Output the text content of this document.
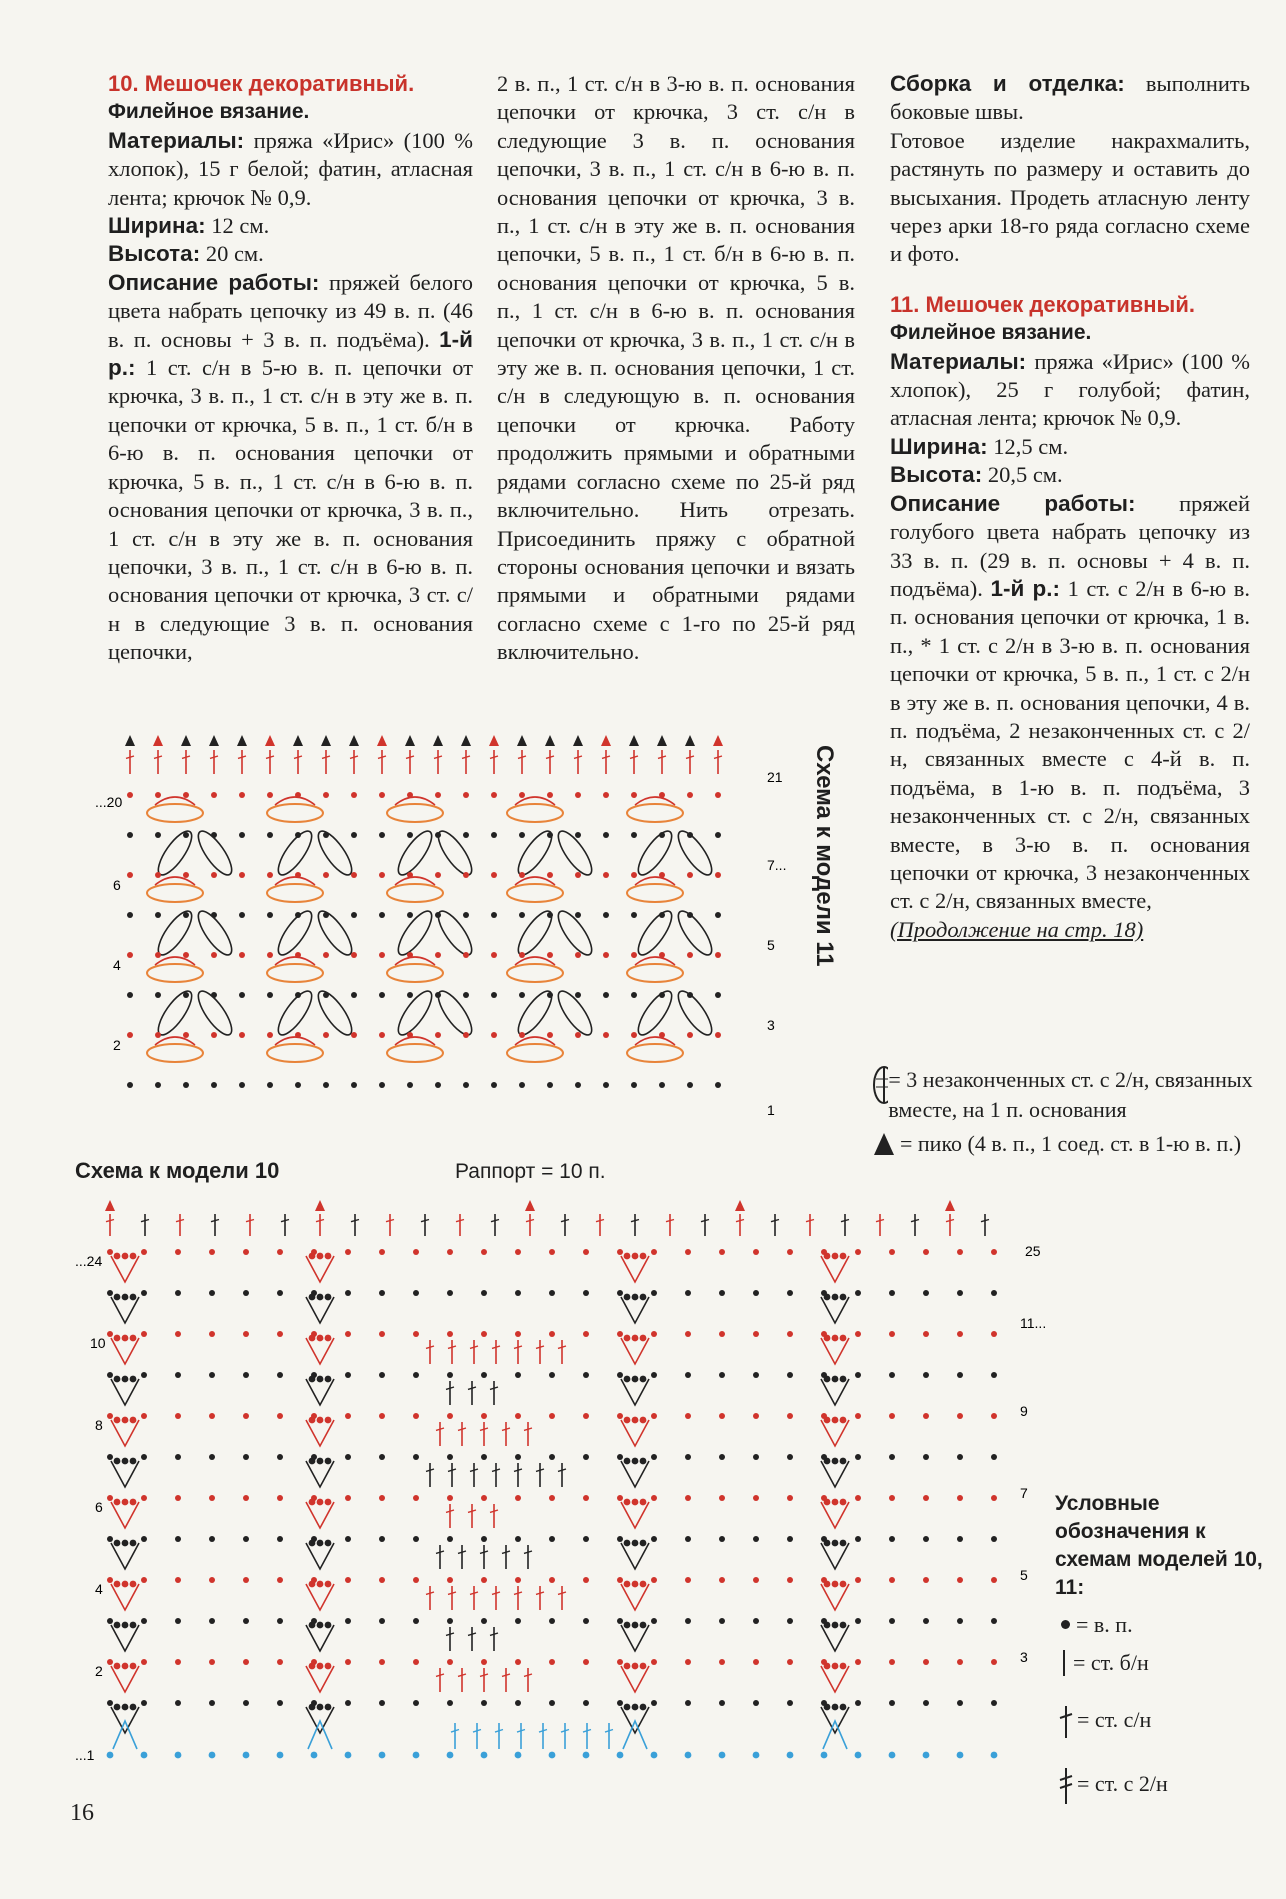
10. Мешочек декоративный.

Филейное вязание.

Материалы: пряжа «Ирис» (100 % хлопок), 15 г белой; фатин, атласная лента; крючок № 0,9.

Ширина: 12 см.

Высота: 20 см.

Описание работы: пряжей белого цвета набрать цепочку из 49 в. п. (46 в. п. основы + 3 в. п. подъёма). 1-й р.: 1 ст. с/н в 5-ю в. п. цепочки от крючка, 3 в. п., 1 ст. с/н в эту же в. п. цепочки от крючка, 5 в. п., 1 ст. б/н в 6-ю в. п. основания цепочки от крючка, 5 в. п., 1 ст. с/н в 6-ю в. п. основания цепочки от крючка, 3 в. п., 1 ст. с/н в эту же в. п. основания цепочки, 3 в. п., 1 ст. с/н в 6-ю в. п. основания цепочки от крючка, 3 ст. с/н в следующие 3 в. п. основания цепочки,

2 в. п., 1 ст. с/н в 3-ю в. п. основания цепочки от крючка, 3 ст. с/н в следующие 3 в. п. основания цепочки, 3 в. п., 1 ст. с/н в 6-ю в. п. основания цепочки от крючка, 3 в. п., 1 ст. с/н в эту же в. п. основания цепочки, 5 в. п., 1 ст. б/н в 6-ю в. п. основания цепочки от крючка, 5 в. п., 1 ст. с/н в 6-ю в. п. основания цепочки от крючка, 3 в. п., 1 ст. с/н в эту же в. п. основания цепочки, 1 ст. с/н в следующую в. п. основания цепочки от крючка. Работу продолжить прямыми и обратными рядами согласно схеме по 25-й ряд включительно. Нить отрезать. Присоединить пряжу с обратной стороны основания цепочки и вязать прямыми и обратными рядами согласно схеме с 1-го по 25-й ряд включительно.

Сборка и отделка: выполнить боковые швы.

Готовое изделие накрахмалить, растянуть по размеру и оставить до высыхания. Продеть атласную ленту через арки 18-го ряда согласно схеме и фото.

11. Мешочек декоративный.

Филейное вязание.

Материалы: пряжа «Ирис» (100 % хлопок), 25 г голубой; фатин, атласная лента; крючок № 0,9.

Ширина: 12,5 см.

Высота: 20,5 см.

Описание работы: пряжей голубого цвета набрать цепочку из 33 в. п. (29 в. п. основы + 4 в. п. подъёма). 1-й р.: 1 ст. с 2/н в 6-ю в. п. основания цепочки от крючка, 1 в. п., * 1 ст. с 2/н в 3-ю в. п. основания цепочки от крючка, 5 в. п., 1 ст. с 2/н в эту же в. п. основания цепочки, 4 в. п. подъёма, 2 незаконченных ст. с 2/н, связанных вместе с 4-й в. п. подъёма, в 1-ю в. п. подъёма, 3 незаконченных ст. с 2/н, связанных вместе, в 3-ю в. п. основания цепочки от крючка, 3 незаконченных ст. с 2/н, связанных вместе,

(Продолжение на стр. 18)

...20
6
4
2
21
7...
5
3
1
Схема к модели 11
Схема к модели 10	Раппорт = 10 п.
= 3 незаконченных ст. с 2/н, связанных вместе, на 1 п. основания
= пико (4 в. п., 1 соед. ст. в 1-ю в. п.)
...24
10
8
6
4
2
...1
25
11...
9
7
5
3
Условные обозначения к схемам моделей 10, 11:
= в. п.
= ст. б/н
= ст. с/н
= ст. с 2/н
16
